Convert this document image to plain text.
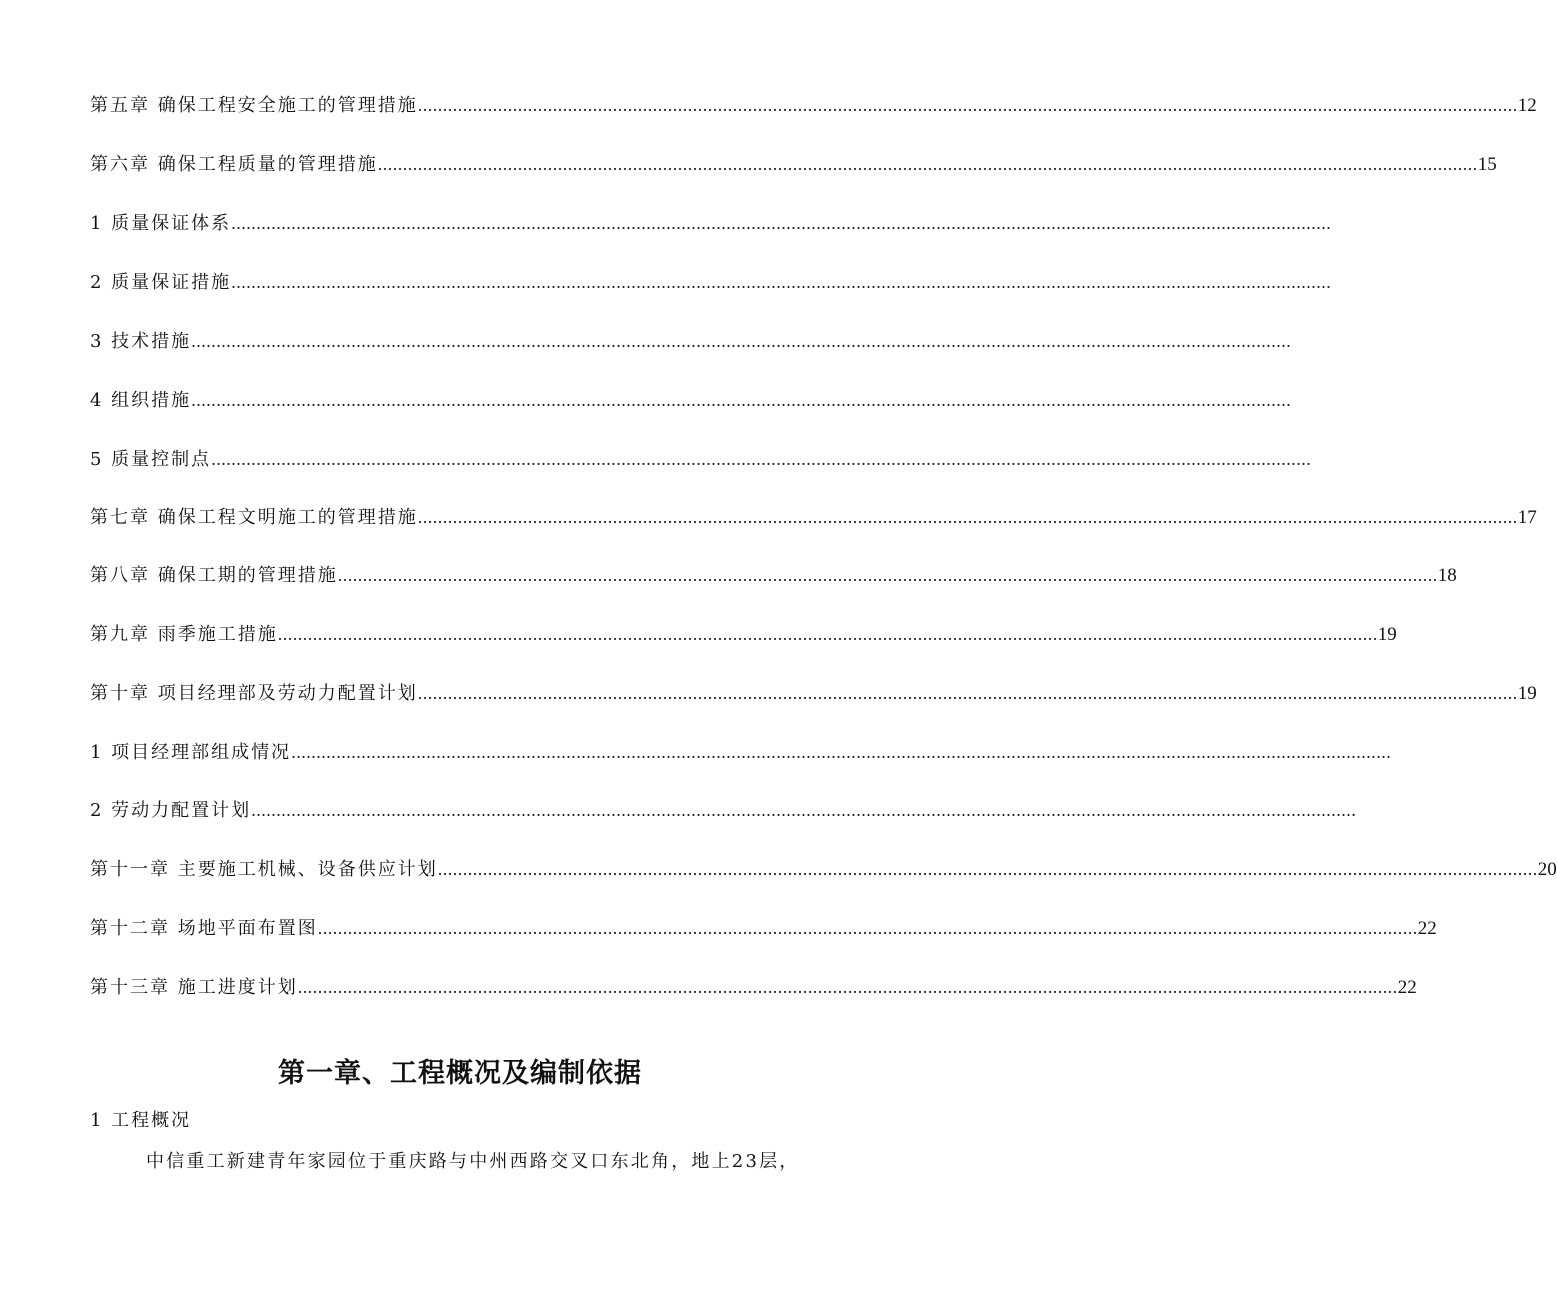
第五章 确保工程安全施工的管理措施 ............................................................................................................................................................................................................................ 12
第六章 确保工程质量的管理措施 ............................................................................................................................................................................................................................ 15
1 质量保证体系 ............................................................................................................................................................................................................................
2 质量保证措施 ............................................................................................................................................................................................................................
3 技术措施 ............................................................................................................................................................................................................................
4 组织措施 ............................................................................................................................................................................................................................
5 质量控制点 ............................................................................................................................................................................................................................
第七章 确保工程文明施工的管理措施 ............................................................................................................................................................................................................................ 17
第八章 确保工期的管理措施 ............................................................................................................................................................................................................................ 18
第九章 雨季施工措施 ............................................................................................................................................................................................................................ 19
第十章 项目经理部及劳动力配置计划 ............................................................................................................................................................................................................................ 19
1 项目经理部组成情况 ............................................................................................................................................................................................................................
2 劳动力配置计划 ............................................................................................................................................................................................................................ .
第十一章 主要施工机械、设备供应计划 ............................................................................................................................................................................................................................ 20
第十二章 场地平面布置图 ............................................................................................................................................................................................................................ 22
第十三章 施工进度计划 ............................................................................................................................................................................................................................ 22
第一章、工程概况及编制依据
1 工程概况
中信重工新建青年家园位于重庆路与中州西路交叉口东北角，地上23层，
